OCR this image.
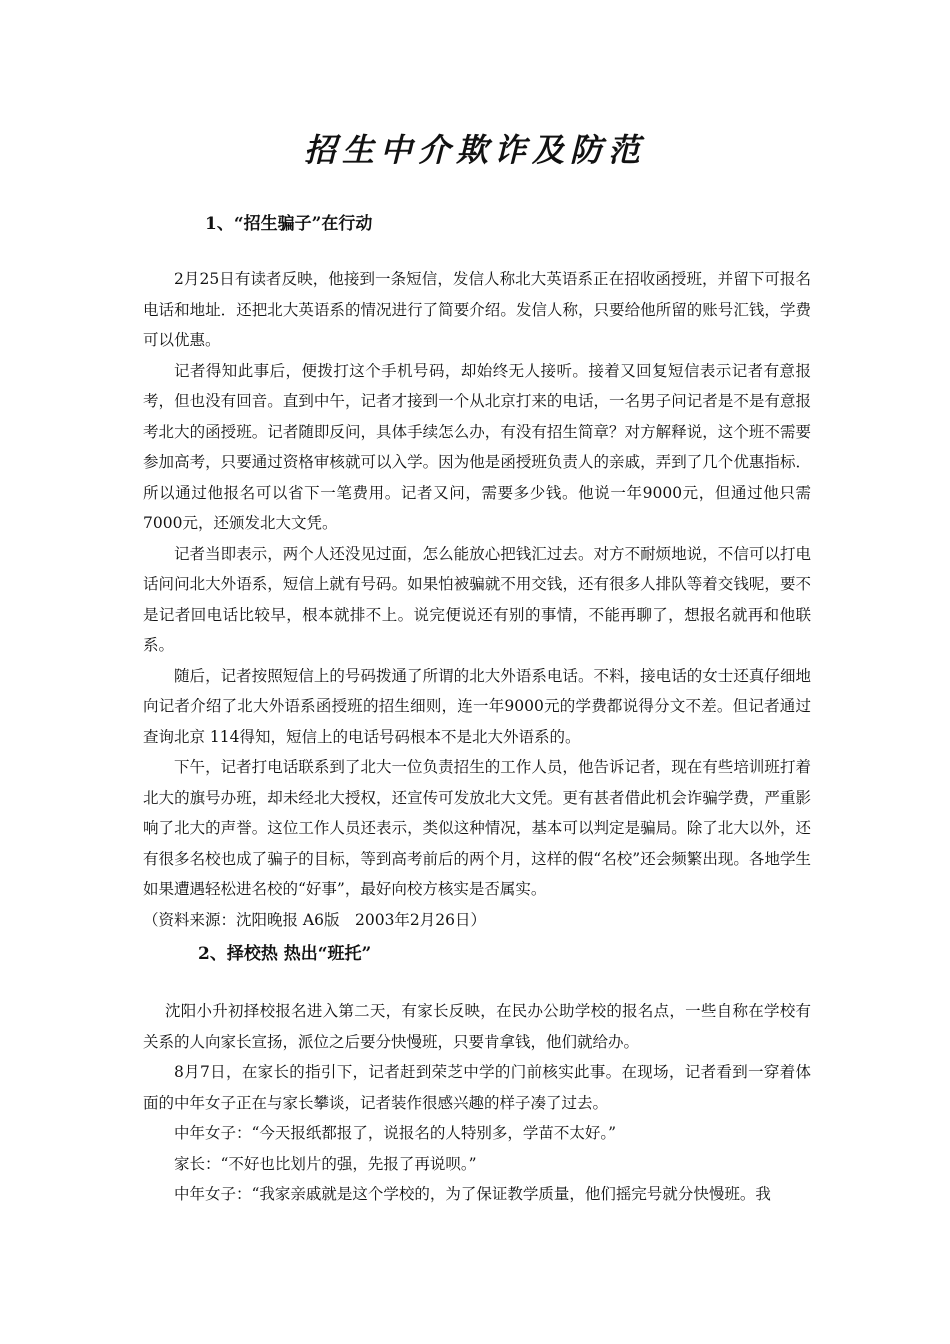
招生中介欺诈及防范
1、“招生骗子”在行动

2月25日有读者反映，他接到一条短信，发信人称北大英语系正在招收函授班，并留下可报名电话和地址．还把北大英语系的情况进行了简要介绍。发信人称，只要给他所留的账号汇钱，学费可以优惠。

记者得知此事后，便拨打这个手机号码，却始终无人接听。接着又回复短信表示记者有意报考，但也没有回音。直到中午，记者才接到一个从北京打来的电话，一名男子问记者是不是有意报考北大的函授班。记者随即反问，具体手续怎么办，有没有招生简章？对方解释说，这个班不需要参加高考，只要通过资格审核就可以入学。因为他是函授班负责人的亲戚，弄到了几个优惠指标．所以通过他报名可以省下一笔费用。记者又问，需要多少钱。他说一年9000元，但通过他只需7000元，还颁发北大文凭。

记者当即表示，两个人还没见过面，怎么能放心把钱汇过去。对方不耐烦地说，不信可以打电话问问北大外语系，短信上就有号码。如果怕被骗就不用交钱，还有很多人排队等着交钱呢，要不是记者回电话比较早，根本就排不上。说完便说还有别的事情，不能再聊了，想报名就再和他联系。

随后，记者按照短信上的号码拨通了所谓的北大外语系电话。不料，接电话的女士还真仔细地向记者介绍了北大外语系函授班的招生细则，连一年9000元的学费都说得分文不差。但记者通过查询北京 114得知，短信上的电话号码根本不是北大外语系的。

下午，记者打电话联系到了北大一位负责招生的工作人员，他告诉记者，现在有些培训班打着北大的旗号办班，却未经北大授权，还宣传可发放北大文凭。更有甚者借此机会诈骗学费，严重影响了北大的声誉。这位工作人员还表示，类似这种情况，基本可以判定是骗局。除了北大以外，还有很多名校也成了骗子的目标，等到高考前后的两个月，这样的假“名校”还会频繁出现。各地学生如果遭遇轻松进名校的“好事”，最好向校方核实是否属实。

（资料来源：沈阳晚报 A6版　2003年2月26日）

2、择校热 热出“班托”

沈阳小升初择校报名进入第二天，有家长反映，在民办公助学校的报名点，一些自称在学校有关系的人向家长宣扬，派位之后要分快慢班，只要肯拿钱，他们就给办。

8月7日，在家长的指引下，记者赶到荣芝中学的门前核实此事。在现场，记者看到一穿着体面的中年女子正在与家长攀谈，记者装作很感兴趣的样子凑了过去。

中年女子：“今天报纸都报了，说报名的人特别多，学苗不太好。”

家长：“不好也比划片的强，先报了再说呗。”

中年女子：“我家亲戚就是这个学校的，为了保证教学质量，他们摇完号就分快慢班。我
